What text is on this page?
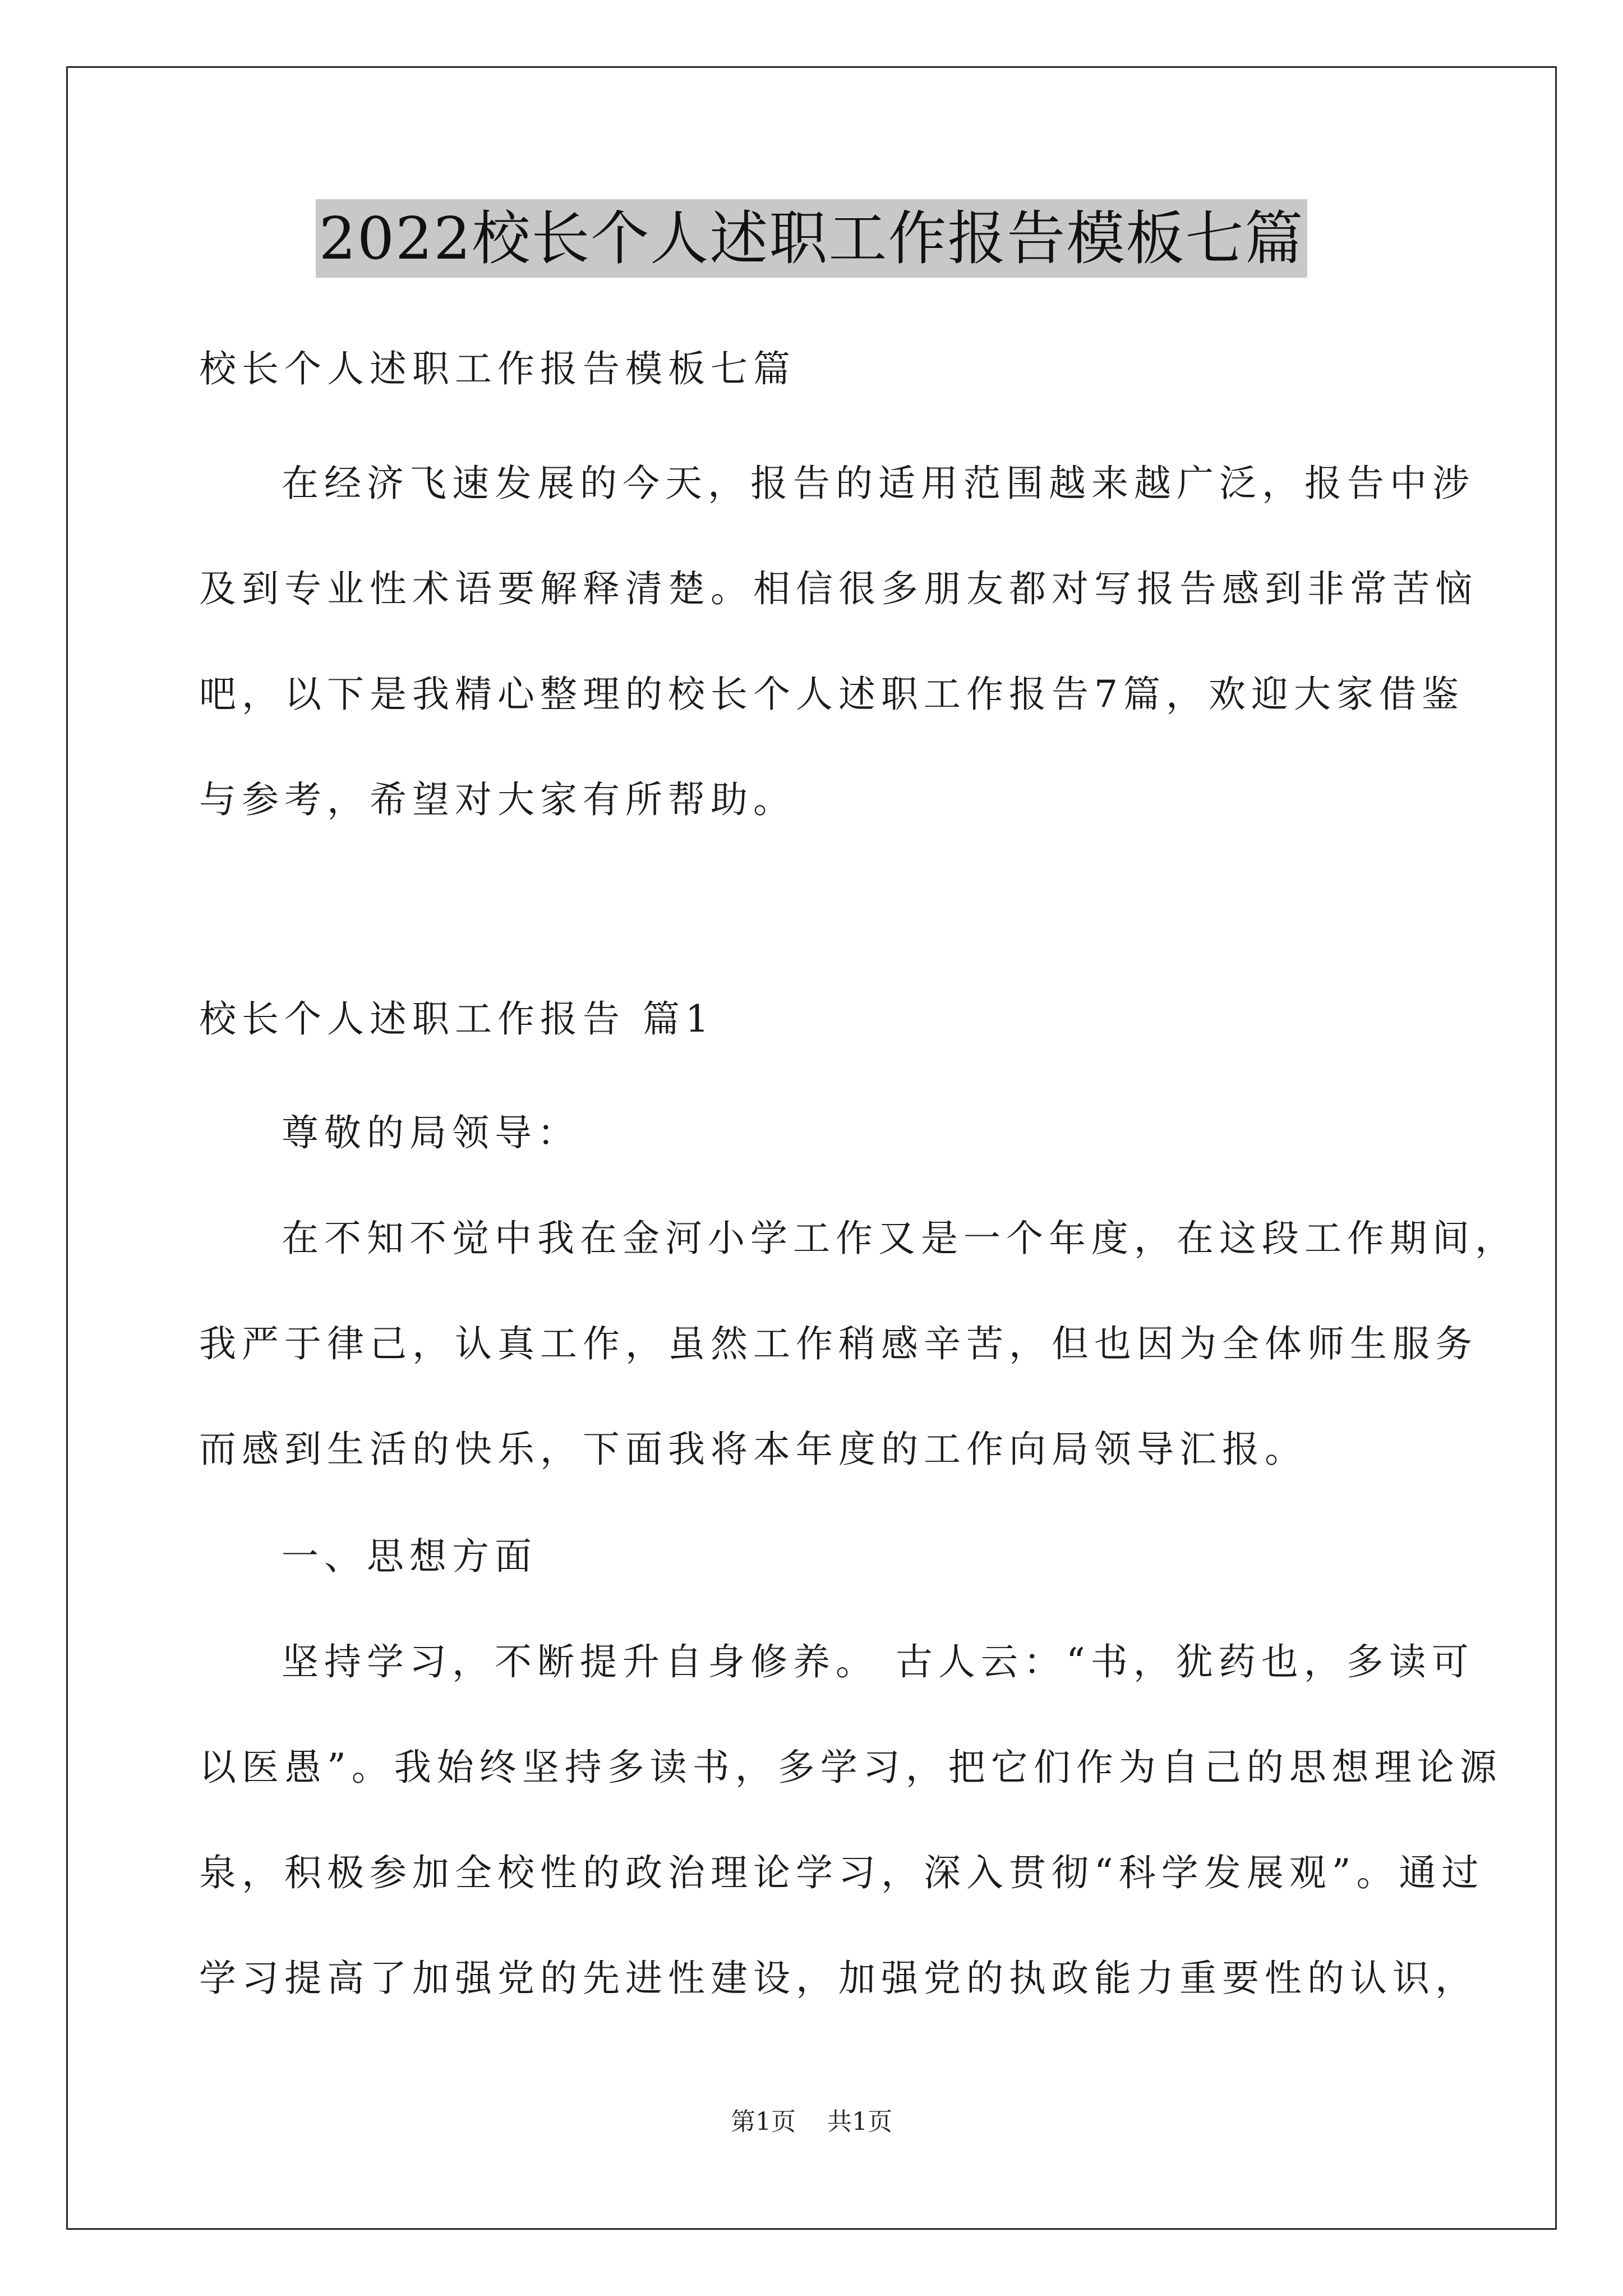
2022校长个人述职工作报告模板七篇
校长个人述职工作报告模板七篇
在经济飞速发展的今天，报告的适用范围越来越广泛，报告中涉
及到专业性术语要解释清楚。相信很多朋友都对写报告感到非常苦恼
吧，以下是我精心整理的校长个人述职工作报告7篇，欢迎大家借鉴
与参考，希望对大家有所帮助。
校长个人述职工作报告 篇1
尊敬的局领导：
在不知不觉中我在金河小学工作又是一个年度，在这段工作期间，
我严于律己，认真工作，虽然工作稍感辛苦，但也因为全体师生服务
而感到生活的快乐，下面我将本年度的工作向局领导汇报。
一、思想方面
坚持学习，不断提升自身修养。 古人云：“书，犹药也，多读可
以医愚”。我始终坚持多读书，多学习，把它们作为自己的思想理论源
泉，积极参加全校性的政治理论学习，深入贯彻“科学发展观”。通过
学习提高了加强党的先进性建设，加强党的执政能力重要性的认识，
第1页 共1页
